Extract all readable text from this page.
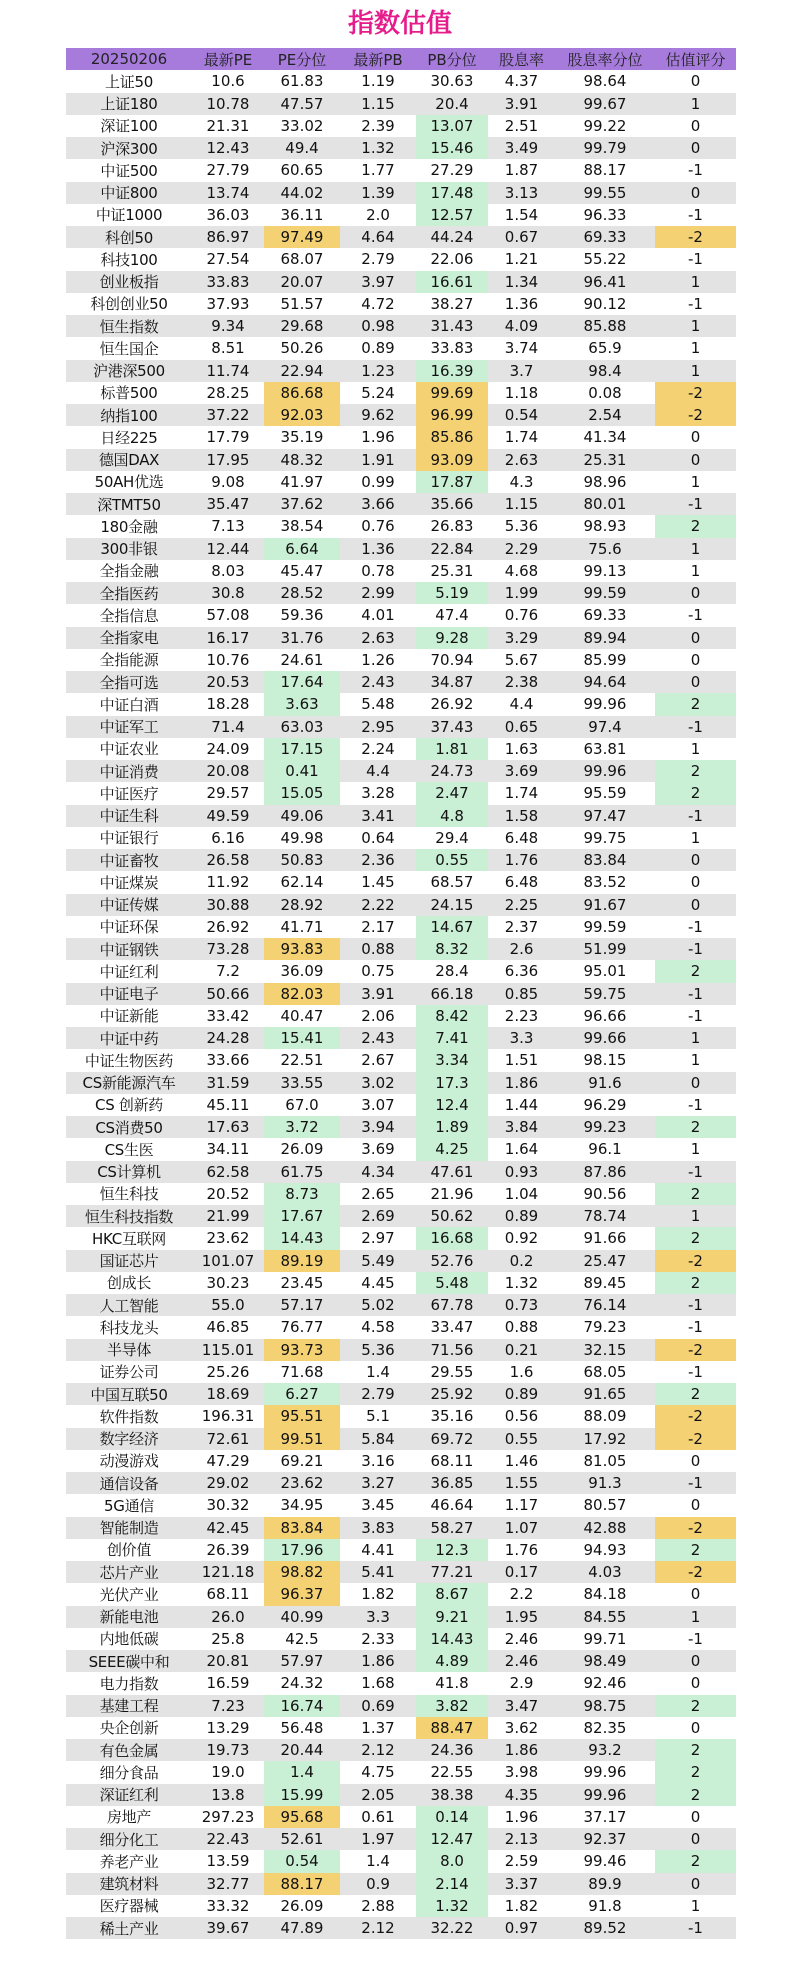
指数估值
20250206	最新PE	PE分位	最新PB	PB分位	股息率	股息率分位	估值评分
上证50	10.6	61.83	1.19	30.63	4.37	98.64	0
上证180	10.78	47.57	1.15	20.4	3.91	99.67	1
深证100	21.31	33.02	2.39	13.07	2.51	99.22	0
沪深300	12.43	49.4	1.32	15.46	3.49	99.79	0
中证500	27.79	60.65	1.77	27.29	1.87	88.17	-1
中证800	13.74	44.02	1.39	17.48	3.13	99.55	0
中证1000	36.03	36.11	2.0	12.57	1.54	96.33	-1
科创50	86.97	97.49	4.64	44.24	0.67	69.33	-2
科技100	27.54	68.07	2.79	22.06	1.21	55.22	-1
创业板指	33.83	20.07	3.97	16.61	1.34	96.41	1
科创创业50	37.93	51.57	4.72	38.27	1.36	90.12	-1
恒生指数	9.34	29.68	0.98	31.43	4.09	85.88	1
恒生国企	8.51	50.26	0.89	33.83	3.74	65.9	1
沪港深500	11.74	22.94	1.23	16.39	3.7	98.4	1
标普500	28.25	86.68	5.24	99.69	1.18	0.08	-2
纳指100	37.22	92.03	9.62	96.99	0.54	2.54	-2
日经225	17.79	35.19	1.96	85.86	1.74	41.34	0
德国DAX	17.95	48.32	1.91	93.09	2.63	25.31	0
50AH优选	9.08	41.97	0.99	17.87	4.3	98.96	1
深TMT50	35.47	37.62	3.66	35.66	1.15	80.01	-1
180金融	7.13	38.54	0.76	26.83	5.36	98.93	2
300非银	12.44	6.64	1.36	22.84	2.29	75.6	1
全指金融	8.03	45.47	0.78	25.31	4.68	99.13	1
全指医药	30.8	28.52	2.99	5.19	1.99	99.59	0
全指信息	57.08	59.36	4.01	47.4	0.76	69.33	-1
全指家电	16.17	31.76	2.63	9.28	3.29	89.94	0
全指能源	10.76	24.61	1.26	70.94	5.67	85.99	0
全指可选	20.53	17.64	2.43	34.87	2.38	94.64	0
中证白酒	18.28	3.63	5.48	26.92	4.4	99.96	2
中证军工	71.4	63.03	2.95	37.43	0.65	97.4	-1
中证农业	24.09	17.15	2.24	1.81	1.63	63.81	1
中证消费	20.08	0.41	4.4	24.73	3.69	99.96	2
中证医疗	29.57	15.05	3.28	2.47	1.74	95.59	2
中证生科	49.59	49.06	3.41	4.8	1.58	97.47	-1
中证银行	6.16	49.98	0.64	29.4	6.48	99.75	1
中证畜牧	26.58	50.83	2.36	0.55	1.76	83.84	0
中证煤炭	11.92	62.14	1.45	68.57	6.48	83.52	0
中证传媒	30.88	28.92	2.22	24.15	2.25	91.67	0
中证环保	26.92	41.71	2.17	14.67	2.37	99.59	-1
中证钢铁	73.28	93.83	0.88	8.32	2.6	51.99	-1
中证红利	7.2	36.09	0.75	28.4	6.36	95.01	2
中证电子	50.66	82.03	3.91	66.18	0.85	59.75	-1
中证新能	33.42	40.47	2.06	8.42	2.23	96.66	-1
中证中药	24.28	15.41	2.43	7.41	3.3	99.66	1
中证生物医药	33.66	22.51	2.67	3.34	1.51	98.15	1
CS新能源汽车	31.59	33.55	3.02	17.3	1.86	91.6	0
CS 创新药	45.11	67.0	3.07	12.4	1.44	96.29	-1
CS消费50	17.63	3.72	3.94	1.89	3.84	99.23	2
CS生医	34.11	26.09	3.69	4.25	1.64	96.1	1
CS计算机	62.58	61.75	4.34	47.61	0.93	87.86	-1
恒生科技	20.52	8.73	2.65	21.96	1.04	90.56	2
恒生科技指数	21.99	17.67	2.69	50.62	0.89	78.74	1
HKC互联网	23.62	14.43	2.97	16.68	0.92	91.66	2
国证芯片	101.07	89.19	5.49	52.76	0.2	25.47	-2
创成长	30.23	23.45	4.45	5.48	1.32	89.45	2
人工智能	55.0	57.17	5.02	67.78	0.73	76.14	-1
科技龙头	46.85	76.77	4.58	33.47	0.88	79.23	-1
半导体	115.01	93.73	5.36	71.56	0.21	32.15	-2
证券公司	25.26	71.68	1.4	29.55	1.6	68.05	-1
中国互联50	18.69	6.27	2.79	25.92	0.89	91.65	2
软件指数	196.31	95.51	5.1	35.16	0.56	88.09	-2
数字经济	72.61	99.51	5.84	69.72	0.55	17.92	-2
动漫游戏	47.29	69.21	3.16	68.11	1.46	81.05	0
通信设备	29.02	23.62	3.27	36.85	1.55	91.3	-1
5G通信	30.32	34.95	3.45	46.64	1.17	80.57	0
智能制造	42.45	83.84	3.83	58.27	1.07	42.88	-2
创价值	26.39	17.96	4.41	12.3	1.76	94.93	2
芯片产业	121.18	98.82	5.41	77.21	0.17	4.03	-2
光伏产业	68.11	96.37	1.82	8.67	2.2	84.18	0
新能电池	26.0	40.99	3.3	9.21	1.95	84.55	1
内地低碳	25.8	42.5	2.33	14.43	2.46	99.71	-1
SEEE碳中和	20.81	57.97	1.86	4.89	2.46	98.49	0
电力指数	16.59	24.32	1.68	41.8	2.9	92.46	0
基建工程	7.23	16.74	0.69	3.82	3.47	98.75	2
央企创新	13.29	56.48	1.37	88.47	3.62	82.35	0
有色金属	19.73	20.44	2.12	24.36	1.86	93.2	2
细分食品	19.0	1.4	4.75	22.55	3.98	99.96	2
深证红利	13.8	15.99	2.05	38.38	4.35	99.96	2
房地产	297.23	95.68	0.61	0.14	1.96	37.17	0
细分化工	22.43	52.61	1.97	12.47	2.13	92.37	0
养老产业	13.59	0.54	1.4	8.0	2.59	99.46	2
建筑材料	32.77	88.17	0.9	2.14	3.37	89.9	0
医疗器械	33.32	26.09	2.88	1.32	1.82	91.8	1
稀土产业	39.67	47.89	2.12	32.22	0.97	89.52	-1
